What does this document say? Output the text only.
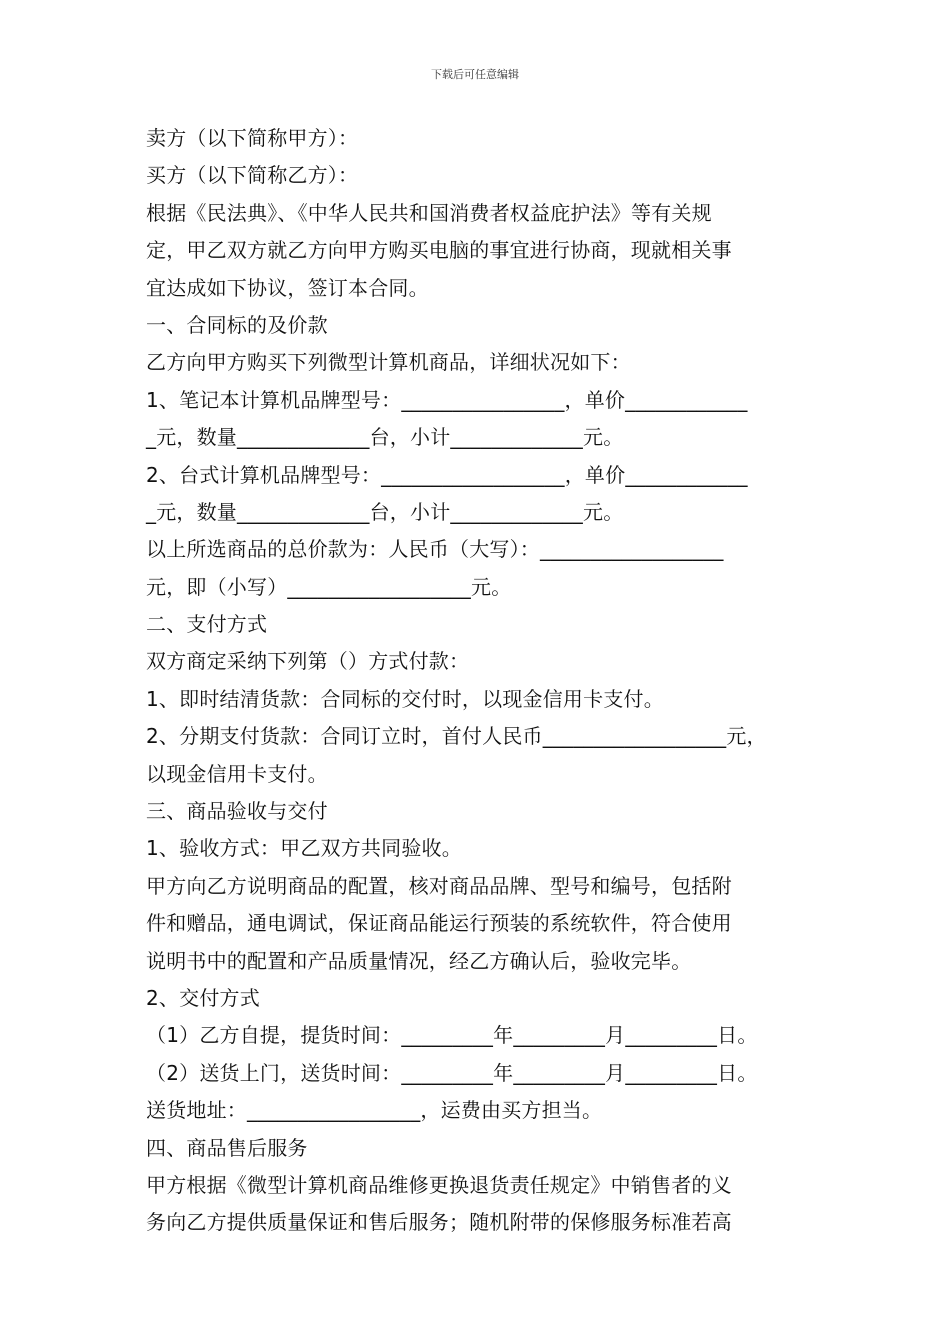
下载后可任意编辑
卖方（以下简称甲方）：
买方（以下简称乙方）：
根据《民法典》、《中华人民共和国消费者权益庇护法》等有关规
定，甲乙双方就乙方向甲方购买电脑的事宜进行协商，现就相关事
宜达成如下协议，签订本合同。
一、合同标的及价款
乙方向甲方购买下列微型计算机商品，详细状况如下：
1、笔记本计算机品牌型号：________________，单价____________
_元，数量_____________台，小计_____________元。
2、台式计算机品牌型号：__________________，单价____________
_元，数量_____________台，小计_____________元。
以上所选商品的总价款为：人民币（大写）：__________________
元，即（小写）__________________元。
二、支付方式
双方商定采纳下列第（）方式付款：
1、即时结清货款：合同标的交付时，以现金信用卡支付。
2、分期支付货款：合同订立时，首付人民币__________________元，
以现金信用卡支付。
三、商品验收与交付
1、验收方式：甲乙双方共同验收。
甲方向乙方说明商品的配置，核对商品品牌、型号和编号，包括附
件和赠品，通电调试，保证商品能运行预装的系统软件，符合使用
说明书中的配置和产品质量情况，经乙方确认后，验收完毕。
2、交付方式
（1）乙方自提，提货时间：_________年_________月_________日。
（2）送货上门，送货时间：_________年_________月_________日。
送货地址：_________________，运费由买方担当。
四、商品售后服务
甲方根据《微型计算机商品维修更换退货责任规定》中销售者的义
务向乙方提供质量保证和售后服务；随机附带的保修服务标准若高
